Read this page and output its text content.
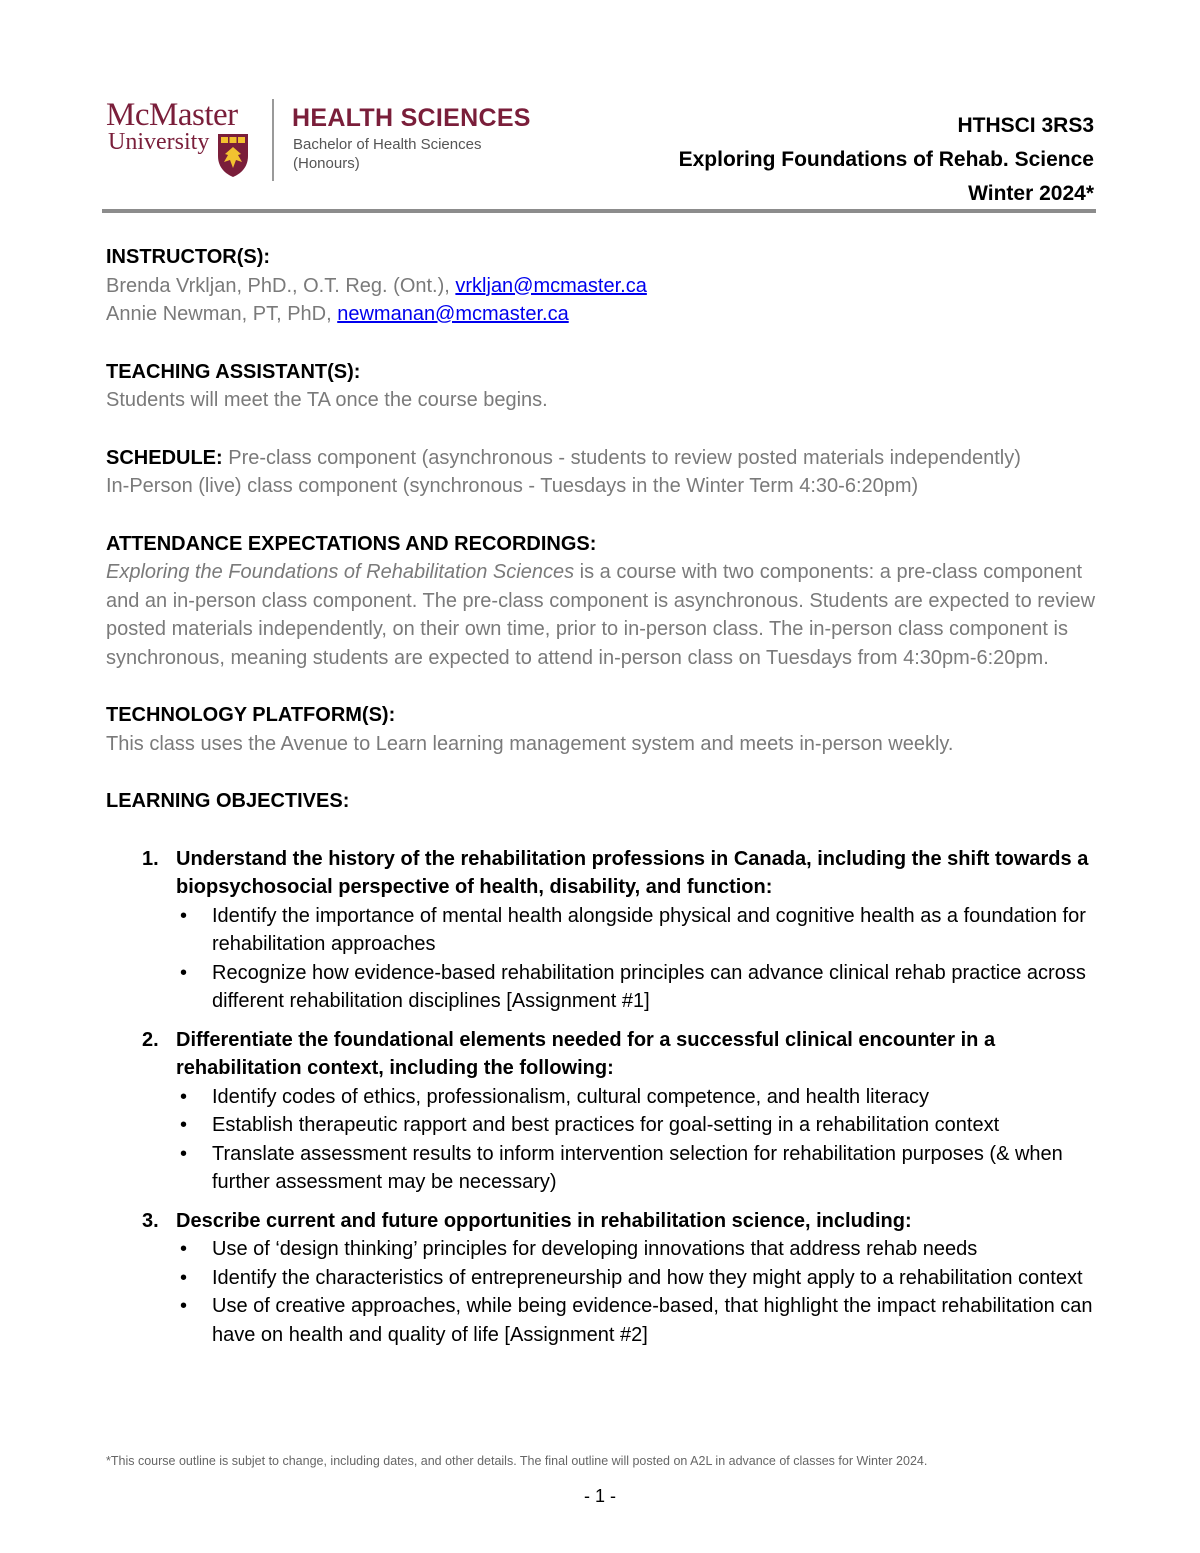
McMaster
University
HEALTH SCIENCES
Bachelor of Health Sciences
(Honours)
HTHSCI 3RS3
Exploring Foundations of Rehab. Science
Winter 2024*

INSTRUCTOR(S):

Brenda Vrkljan, PhD., O.T. Reg. (Ont.), vrkljan@mcmaster.ca

Annie Newman, PT, PhD, newmanan@mcmaster.ca

TEACHING ASSISTANT(S):

Students will meet the TA once the course begins.

SCHEDULE: Pre-class component (asynchronous - students to review posted materials independently)

In-Person (live) class component (synchronous - Tuesdays in the Winter Term 4:30-6:20pm)

ATTENDANCE EXPECTATIONS AND RECORDINGS:

Exploring the Foundations of Rehabilitation Sciences is a course with two components: a pre-class component and an in-person class component. The pre-class component is asynchronous. Students are expected to review posted materials independently, on their own time, prior to in-person class. The in-person class component is synchronous, meaning students are expected to attend in-person class on Tuesdays from 4:30pm-6:20pm.

TECHNOLOGY PLATFORM(S):

This class uses the Avenue to Learn learning management system and meets in-person weekly.

LEARNING OBJECTIVES:

1. Understand the history of the rehabilitation professions in Canada, including the shift towards a biopsychosocial perspective of health, disability, and function:
• Identify the importance of mental health alongside physical and cognitive health as a foundation for rehabilitation approaches
• Recognize how evidence-based rehabilitation principles can advance clinical rehab practice across different rehabilitation disciplines [Assignment #1]
2. Differentiate the foundational elements needed for a successful clinical encounter in a rehabilitation context, including the following:
• Identify codes of ethics, professionalism, cultural competence, and health literacy
• Establish therapeutic rapport and best practices for goal-setting in a rehabilitation context
• Translate assessment results to inform intervention selection for rehabilitation purposes (& when further assessment may be necessary)
3. Describe current and future opportunities in rehabilitation science, including:
• Use of ‘design thinking’ principles for developing innovations that address rehab needs
• Identify the characteristics of entrepreneurship and how they might apply to a rehabilitation context
• Use of creative approaches, while being evidence-based, that highlight the impact rehabilitation can have on health and quality of life [Assignment #2]
*This course outline is subjet to change, including dates, and other details. The final outline will posted on A2L in advance of classes for Winter 2024.
- 1 -
